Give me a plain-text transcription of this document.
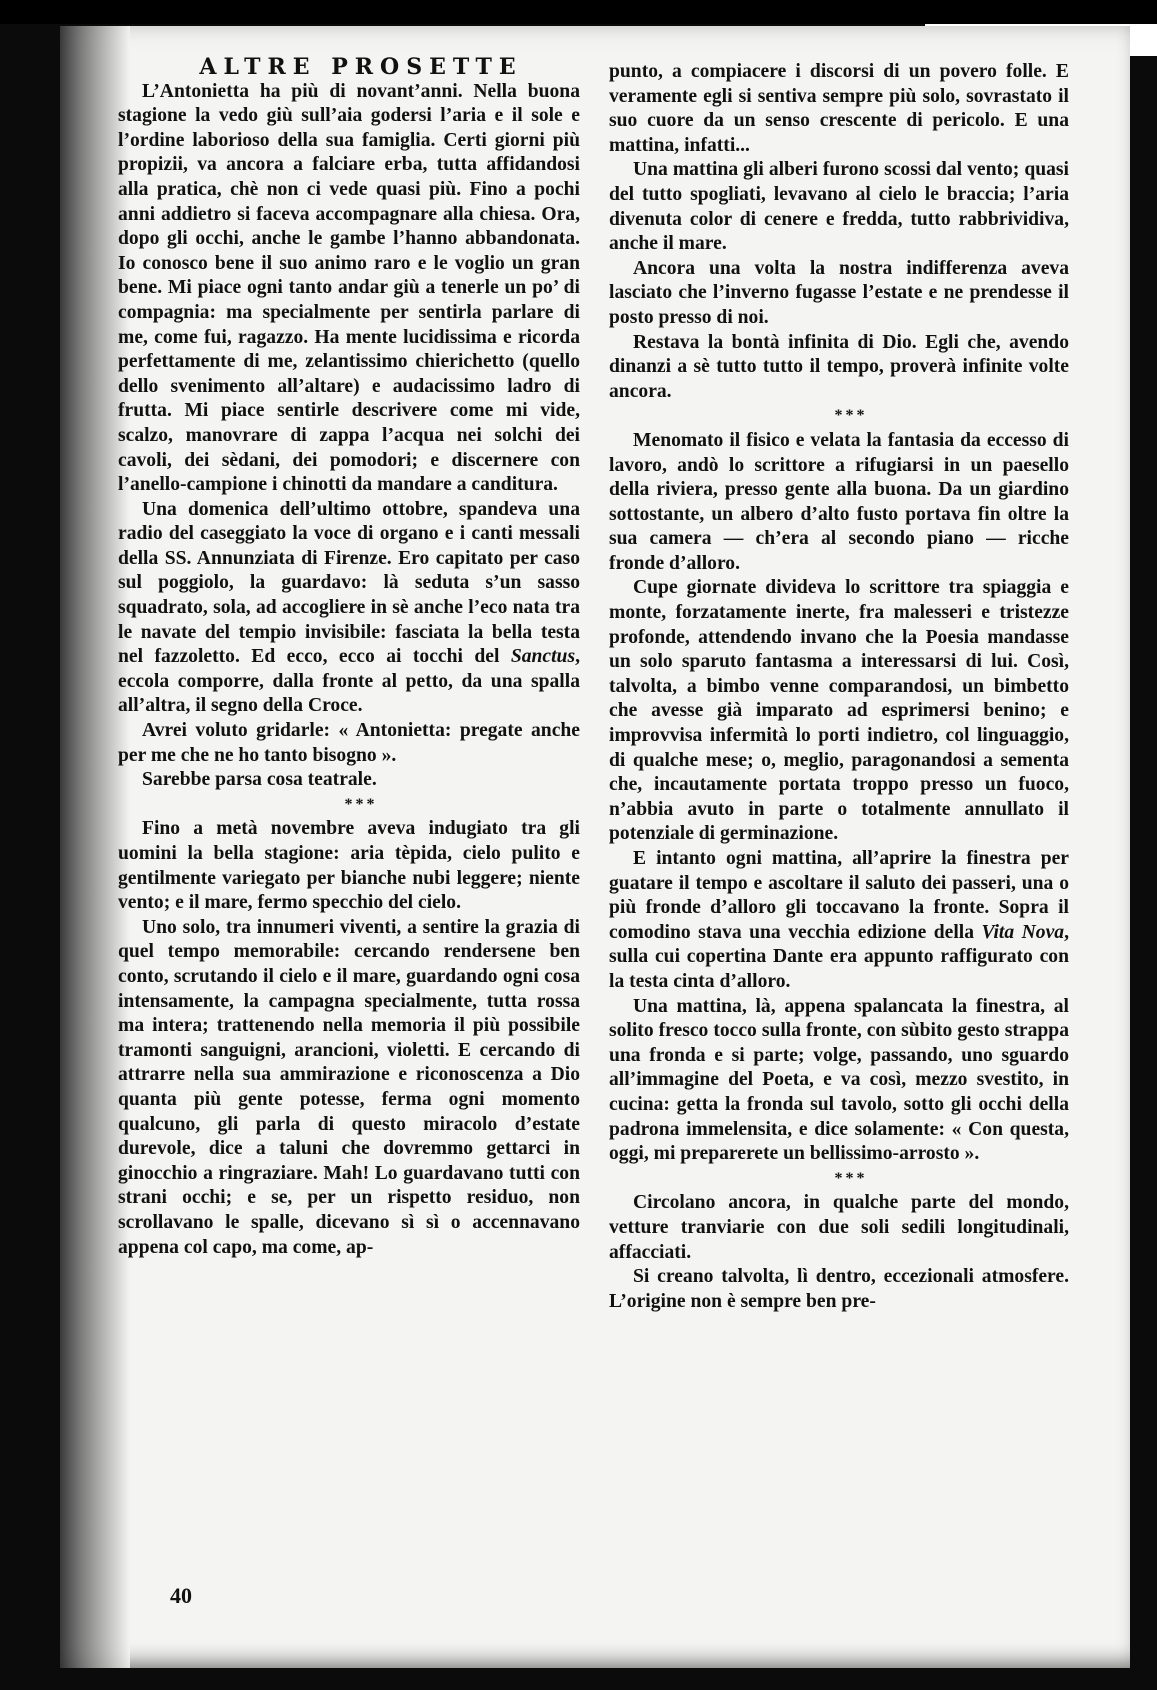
ALTRE PROSETTE

L’Antonietta ha più di novant’anni. Nella buona stagione la vedo giù sull’aia godersi l’aria e il sole e l’ordine laborioso della sua famiglia. Certi giorni più propizii, va ancora a falciare erba, tutta affidandosi alla pratica, chè non ci vede quasi più. Fino a pochi anni addietro si faceva accompagnare alla chiesa. Ora, dopo gli occhi, anche le gambe l’hanno abbandonata. Io conosco bene il suo animo raro e le voglio un gran bene. Mi piace ogni tanto andar giù a tenerle un po’ di compagnia: ma specialmente per sentirla parlare di me, come fui, ragazzo. Ha mente lucidissima e ricorda perfettamente di me, zelantissimo chierichetto (quello dello svenimento all’altare) e audacissimo ladro di frutta. Mi piace sentirle descrivere come mi vide, scalzo, manovrare di zappa l’acqua nei solchi dei cavoli, dei sèdani, dei pomodori; e discernere con l’anello-campione i chinotti da mandare a canditura.

Una domenica dell’ultimo ottobre, spandeva una radio del caseggiato la voce di organo e i canti messali della SS. Annunziata di Firenze. Ero capitato per caso sul poggiolo, la guardavo: là seduta s’un sasso squadrato, sola, ad accogliere in sè anche l’eco nata tra le navate del tempio invisibile: fasciata la bella testa nel fazzoletto. Ed ecco, ecco ai tocchi del Sanctus, eccola comporre, dalla fronte al petto, da una spalla all’altra, il segno della Croce.

Avrei voluto gridarle: « Antonietta: pregate anche per me che ne ho tanto bisogno ».

Sarebbe parsa cosa teatrale.

***

Fino a metà novembre aveva indugiato tra gli uomini la bella stagione: aria tèpida, cielo pulito e gentilmente variegato per bianche nubi leggere; niente vento; e il mare, fermo specchio del cielo.

Uno solo, tra innumeri viventi, a sentire la grazia di quel tempo memorabile: cercando rendersene ben conto, scrutando il cielo e il mare, guardando ogni cosa intensamente, la campagna specialmente, tutta rossa ma intera; trattenendo nella memoria il più possibile tramonti sanguigni, arancioni, violetti. E cercando di attrarre nella sua ammirazione e riconoscenza a Dio quanta più gente potesse, ferma ogni momento qualcuno, gli parla di questo miracolo d’estate durevole, dice a taluni che dovremmo gettarci in ginocchio a ringraziare. Mah! Lo guardavano tutti con strani occhi; e se, per un rispetto residuo, non scrollavano le spalle, dicevano sì sì o accennavano appena col capo, ma come, ap-

punto, a compiacere i discorsi di un povero folle. E veramente egli si sentiva sempre più solo, sovrastato il suo cuore da un senso crescente di pericolo. E una mattina, infatti...

Una mattina gli alberi furono scossi dal vento; quasi del tutto spogliati, levavano al cielo le braccia; l’aria divenuta color di cenere e fredda, tutto rabbrividiva, anche il mare.

Ancora una volta la nostra indifferenza aveva lasciato che l’inverno fugasse l’estate e ne prendesse il posto presso di noi.

Restava la bontà infinita di Dio. Egli che, avendo dinanzi a sè tutto tutto il tempo, proverà infinite volte ancora.

***

Menomato il fisico e velata la fantasia da eccesso di lavoro, andò lo scrittore a rifugiarsi in un paesello della riviera, presso gente alla buona. Da un giardino sottostante, un albero d’alto fusto portava fin oltre la sua camera — ch’era al secondo piano — ricche fronde d’alloro.

Cupe giornate divideva lo scrittore tra spiaggia e monte, forzatamente inerte, fra malesseri e tristezze profonde, attendendo invano che la Poesia mandasse un solo sparuto fantasma a interessarsi di lui. Così, talvolta, a bimbo venne comparandosi, un bimbetto che avesse già imparato ad esprimersi benino; e improvvisa infermità lo porti indietro, col linguaggio, di qualche mese; o, meglio, paragonandosi a sementa che, incautamente portata troppo presso un fuoco, n’abbia avuto in parte o totalmente annullato il potenziale di germinazione.

E intanto ogni mattina, all’aprire la finestra per guatare il tempo e ascoltare il saluto dei passeri, una o più fronde d’alloro gli toccavano la fronte. Sopra il comodino stava una vecchia edizione della Vita Nova, sulla cui copertina Dante era appunto raffigurato con la testa cinta d’alloro.

Una mattina, là, appena spalancata la finestra, al solito fresco tocco sulla fronte, con sùbito gesto strappa una fronda e si parte; volge, passando, uno sguardo all’immagine del Poeta, e va così, mezzo svestito, in cucina: getta la fronda sul tavolo, sotto gli occhi della padrona immelensita, e dice solamente: « Con questa, oggi, mi preparerete un bellissimo-arrosto ».

***

Circolano ancora, in qualche parte del mondo, vetture tranviarie con due soli sedili longitudinali, affacciati.

Si creano talvolta, lì dentro, eccezionali atmosfere. L’origine non è sempre ben pre-

40
